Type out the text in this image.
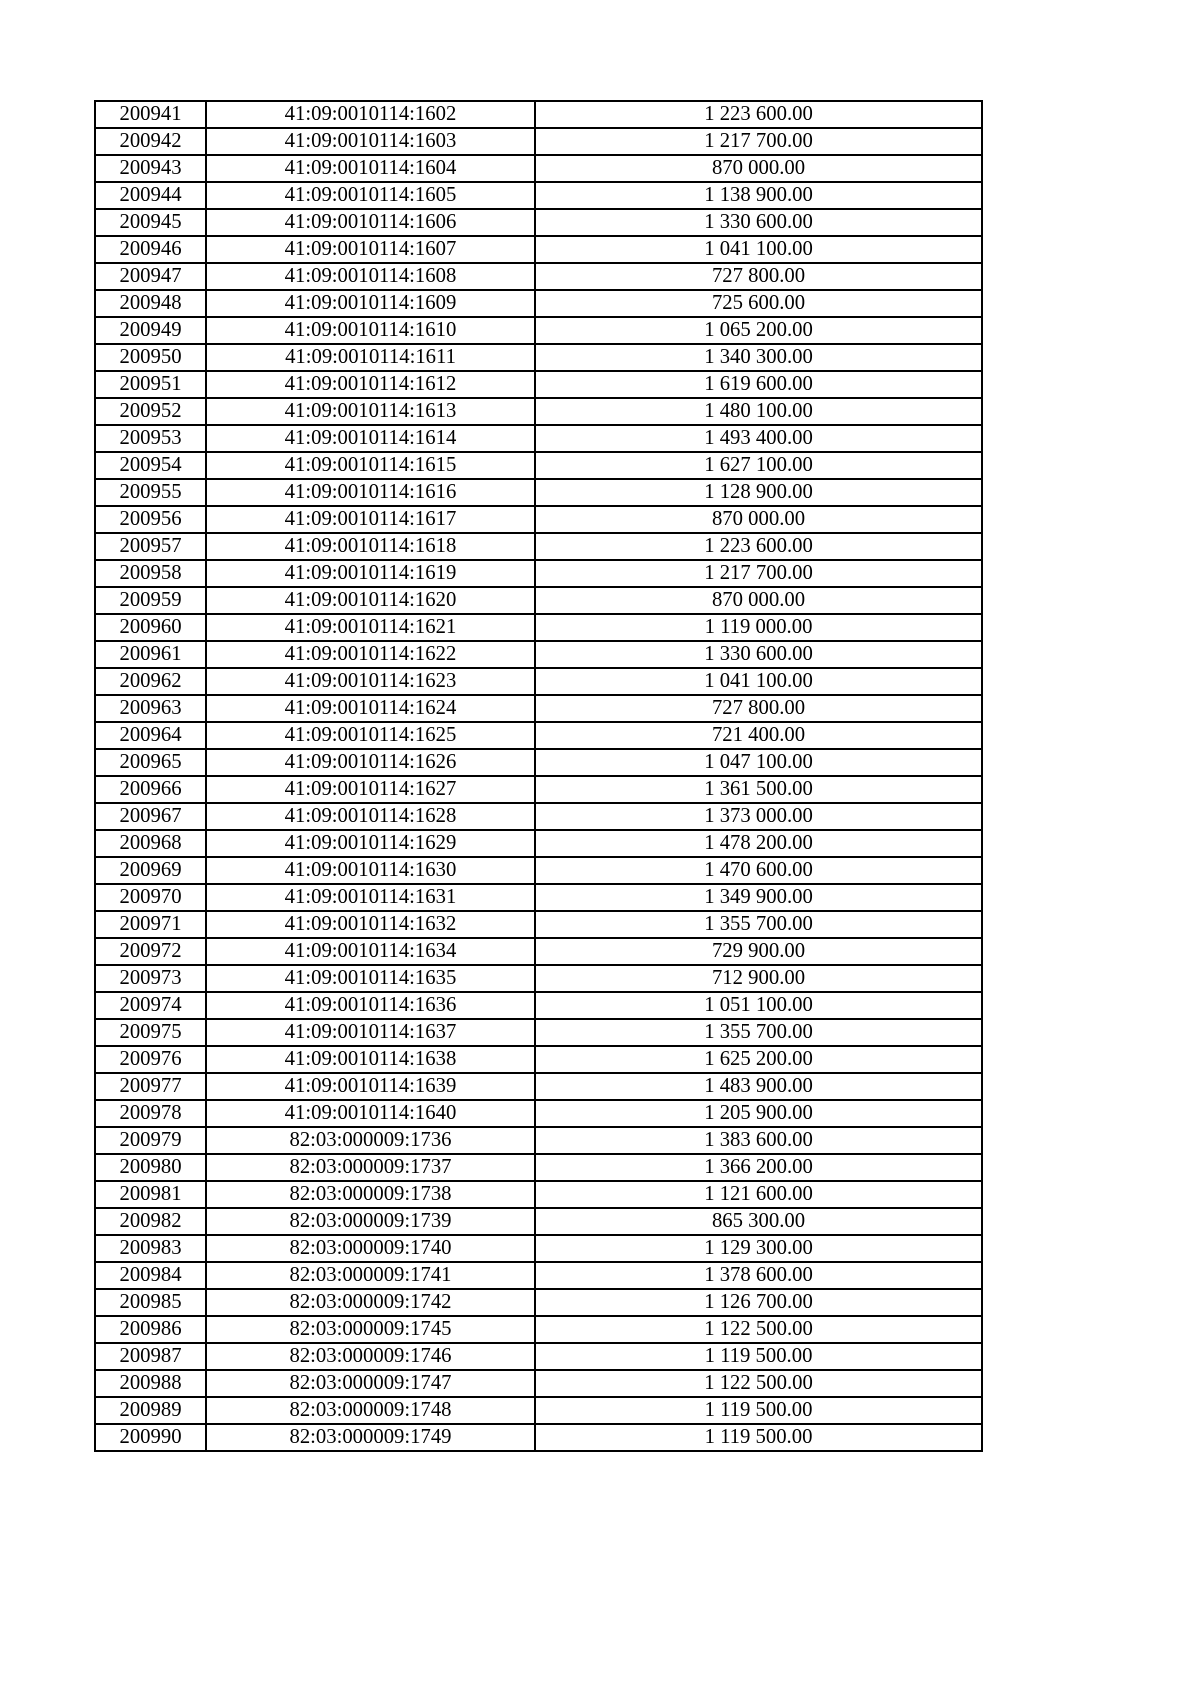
200941	41:09:0010114:1602	1 223 600.00
200942	41:09:0010114:1603	1 217 700.00
200943	41:09:0010114:1604	870 000.00
200944	41:09:0010114:1605	1 138 900.00
200945	41:09:0010114:1606	1 330 600.00
200946	41:09:0010114:1607	1 041 100.00
200947	41:09:0010114:1608	727 800.00
200948	41:09:0010114:1609	725 600.00
200949	41:09:0010114:1610	1 065 200.00
200950	41:09:0010114:1611	1 340 300.00
200951	41:09:0010114:1612	1 619 600.00
200952	41:09:0010114:1613	1 480 100.00
200953	41:09:0010114:1614	1 493 400.00
200954	41:09:0010114:1615	1 627 100.00
200955	41:09:0010114:1616	1 128 900.00
200956	41:09:0010114:1617	870 000.00
200957	41:09:0010114:1618	1 223 600.00
200958	41:09:0010114:1619	1 217 700.00
200959	41:09:0010114:1620	870 000.00
200960	41:09:0010114:1621	1 119 000.00
200961	41:09:0010114:1622	1 330 600.00
200962	41:09:0010114:1623	1 041 100.00
200963	41:09:0010114:1624	727 800.00
200964	41:09:0010114:1625	721 400.00
200965	41:09:0010114:1626	1 047 100.00
200966	41:09:0010114:1627	1 361 500.00
200967	41:09:0010114:1628	1 373 000.00
200968	41:09:0010114:1629	1 478 200.00
200969	41:09:0010114:1630	1 470 600.00
200970	41:09:0010114:1631	1 349 900.00
200971	41:09:0010114:1632	1 355 700.00
200972	41:09:0010114:1634	729 900.00
200973	41:09:0010114:1635	712 900.00
200974	41:09:0010114:1636	1 051 100.00
200975	41:09:0010114:1637	1 355 700.00
200976	41:09:0010114:1638	1 625 200.00
200977	41:09:0010114:1639	1 483 900.00
200978	41:09:0010114:1640	1 205 900.00
200979	82:03:000009:1736	1 383 600.00
200980	82:03:000009:1737	1 366 200.00
200981	82:03:000009:1738	1 121 600.00
200982	82:03:000009:1739	865 300.00
200983	82:03:000009:1740	1 129 300.00
200984	82:03:000009:1741	1 378 600.00
200985	82:03:000009:1742	1 126 700.00
200986	82:03:000009:1745	1 122 500.00
200987	82:03:000009:1746	1 119 500.00
200988	82:03:000009:1747	1 122 500.00
200989	82:03:000009:1748	1 119 500.00
200990	82:03:000009:1749	1 119 500.00
